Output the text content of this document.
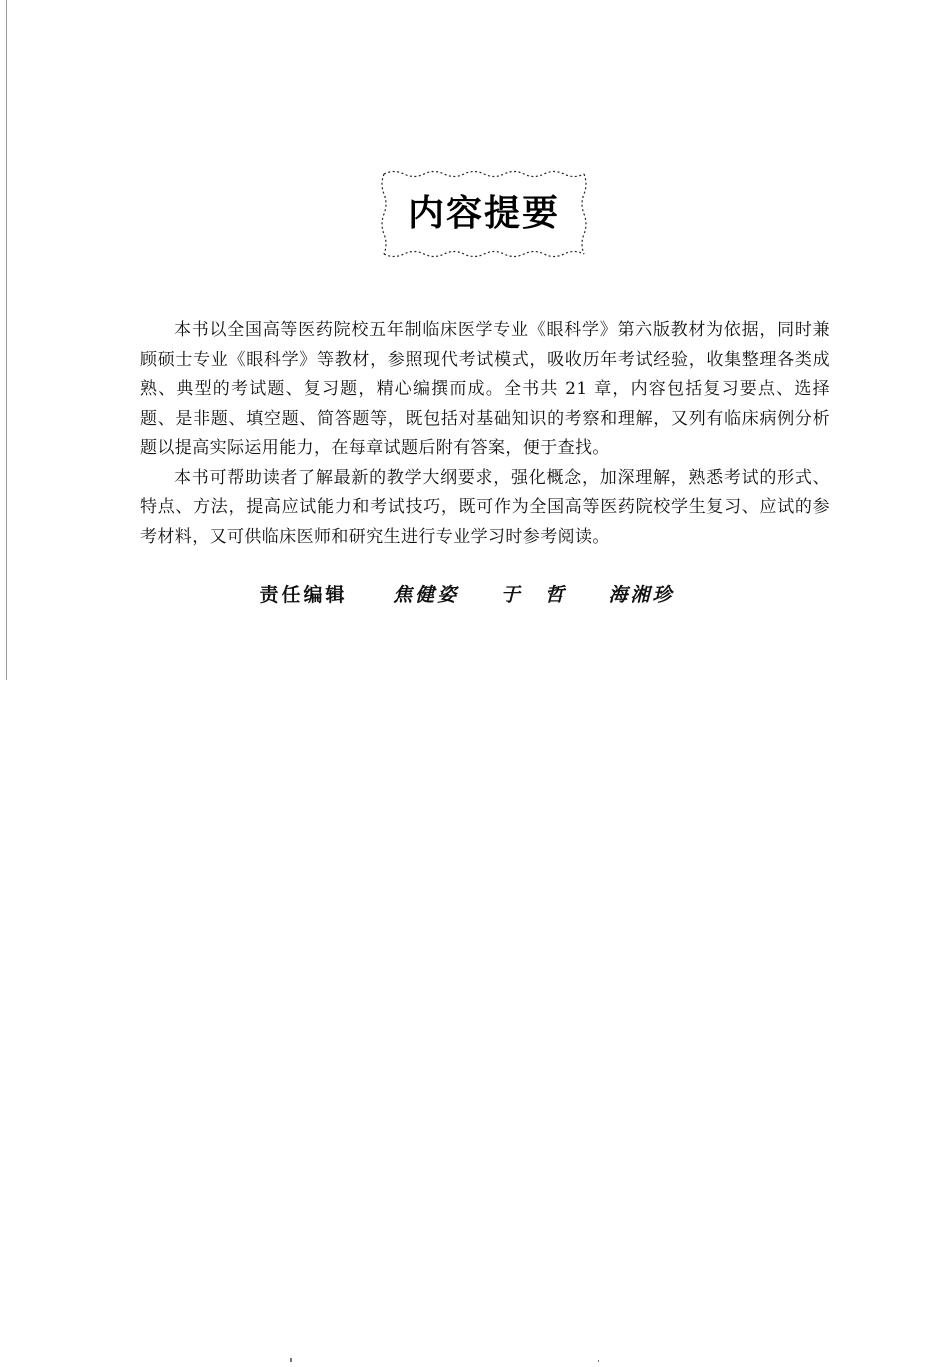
内容提要

本书以全国高等医药院校五年制临床医学专业《眼科学》第六版教材为依据，同时兼顾硕士专业《眼科学》等教材，参照现代考试模式，吸收历年考试经验，收集整理各类成熟、典型的考试题、复习题，精心编撰而成。全书共 21 章，内容包括复习要点、选择题、是非题、填空题、简答题等，既包括对基础知识的考察和理解，又列有临床病例分析题以提高实际运用能力，在每章试题后附有答案，便于查找。

本书可帮助读者了解最新的教学大纲要求，强化概念，加深理解，熟悉考试的形式、特点、方法，提高应试能力和考试技巧，既可作为全国高等医药院校学生复习、应试的参考材料，又可供临床医师和研究生进行专业学习时参考阅读。

责任编辑 焦健姿 于　哲 海湘珍
